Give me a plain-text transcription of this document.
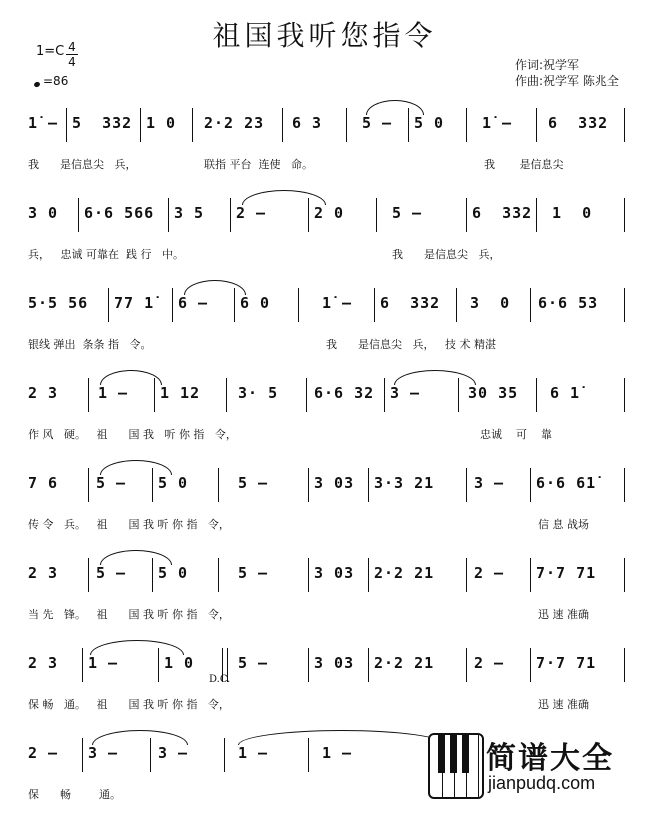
祖国我听您指令
1=C 4
4
=86
作词:祝学军
作曲:祝学军 陈兆全
1̇ – 5  332 1 0 2·2 23 6 3	5 – 5 0	1̇ – 6  332
我      是信息尖   兵，	联指 平台  连使   命。	我       是信息尖
3 0 6·6 566 3 5 2 –	2 0	5 –	6  332 1  0
兵，   忠诚 可靠在  践 行   中。	我      是信息尖   兵，
5·5 56 77 1̇ 6 – 6 0	1̇ – 6  332 3  0 6·6 53
银线 弹出  条条 指   令。	我      是信息尖   兵，   技 术 精湛
2 3	1 – 1 12	3· 5 6·6 32 3 –	30 35 6 1̇
作 风   硬。   祖      国 我   听 你 指   令，	忠诚    可    靠
7 6	5 – 5 0	5 –	3 03 3·3 21	3 – 6·6 61̇
传 令   兵。   祖      国 我 听 你 指   令，	信 息 战场
2 3	5 – 5 0	5 –	3 03 2·2 21	2 – 7·7 71
当 先   锋。   祖      国 我 听 你 指   令，	迅 速 准确
2 3 1 –	1 0	5 –	3 03 2·2 21	2 – 7·7 71
保 畅   通。   祖      国 我 听 你 指   令，	迅 速 准确
D.C.
2 – 3 –	3 –	1 –	1 –
保      畅        通。
简谱大全
jianpudq.com
